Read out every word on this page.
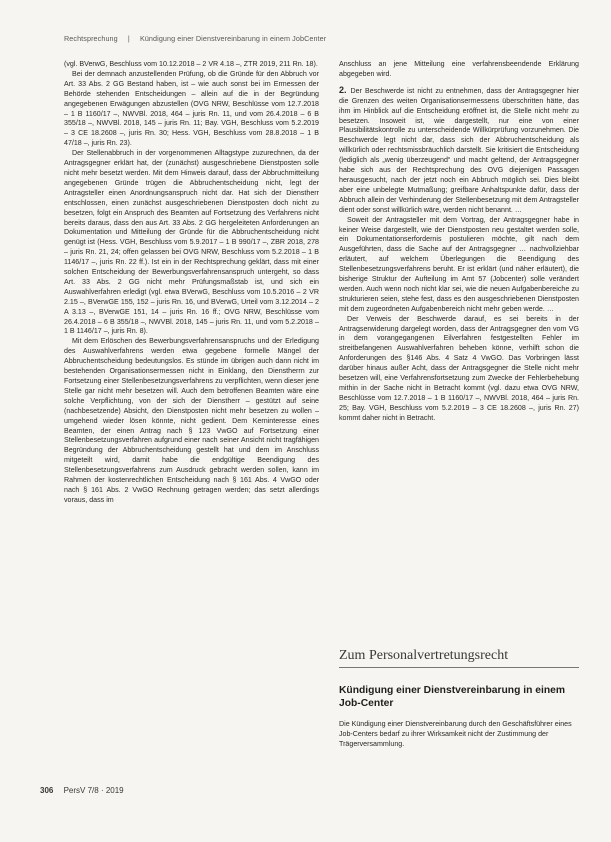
Rechtsprechung | Kündigung einer Dienstvereinbarung in einem JobCenter

(vgl. BVerwG, Beschluss vom 10.12.2018 – 2 VR 4.18 –, ZTR 2019, 211 Rn. 18).

Bei der demnach anzustellenden Prüfung, ob die Gründe für den Abbruch vor Art. 33 Abs. 2 GG Bestand haben, ist – wie auch sonst bei im Ermessen der Behörde stehenden Entscheidungen – allein auf die in der Begründung angegebenen Erwägungen abzustellen (OVG NRW, Beschlüsse vom 12.7.2018 – 1 B 1160/17 –, NWVBl. 2018, 464 – juris Rn. 11, und vom 26.4.2018 – 6 B 355/18 –, NWVBl. 2018, 145 – juris Rn. 11; Bay. VGH, Beschluss vom 5.2.2019 – 3 CE 18.2608 –, juris Rn. 30; Hess. VGH, Beschluss vom 28.8.2018 – 1 B 47/18 –, juris Rn. 23).

Der Stellenabbruch in der vorgenommenen Alltagstype zuzurechnen, da der Antragsgegner erklärt hat, der (zunächst) ausgeschriebene Dienstposten solle nicht mehr besetzt werden. Mit dem Hinweis darauf, dass der Abbruchmitteilung angegebenen Gründe trügen die Abbruchentscheidung nicht, legt der Antragsteller einen Anordnungsanspruch nicht dar. Hat sich der Dienstherr entschlossen, einen zunächst ausgeschriebenen Dienstposten doch nicht zu besetzen, folgt ein Anspruch des Beamten auf Fortsetzung des Verfahrens nicht bereits daraus, dass den aus Art. 33 Abs. 2 GG hergeleiteten Anforderungen an Dokumentation und Mitteilung der Gründe für die Abbruchentscheidung nicht genügt ist (Hess. VGH, Beschluss vom 5.9.2017 – 1 B 990/17 –, ZBR 2018, 278 – juris Rn. 21, 24; offen gelassen bei OVG NRW, Beschluss vom 5.2.2018 – 1 B 1146/17 –, juris Rn. 22 ff.). Ist ein in der Rechtsprechung geklärt, dass mit einer solchen Entscheidung der Bewerbungsverfahrensanspruch untergeht, so dass Art. 33 Abs. 2 GG nicht mehr Prüfungsmaßstab ist, und sich ein Auswahlverfahren erledigt (vgl. etwa BVerwG, Beschluss vom 10.5.2016 – 2 VR 2.15 –, BVerwGE 155, 152 – juris Rn. 16, und BVerwG, Urteil vom 3.12.2014 – 2 A 3.13 –, BVerwGE 151, 14 – juris Rn. 16 ff.; OVG NRW, Beschlüsse vom 26.4.2018 – 6 B 355/18 –, NWVBl. 2018, 145 – juris Rn. 11, und vom 5.2.2018 – 1 B 1146/17 –, juris Rn. 8).

Mit dem Erlöschen des Bewerbungsverfahrensanspruchs und der Erledigung des Auswahlverfahrens werden etwa gegebene formelle Mängel der Abbruchentscheidung bedeutungslos. Es stünde im übrigen auch dann nicht im bestehenden Organisationsermessen nicht in Einklang, den Dienstherrn zur Fortsetzung einer Stellenbesetzungsverfahrens zu verpflichten, wenn dieser jene Stelle gar nicht mehr besetzen will. Auch dem betroffenen Beamten wäre eine solche Verpflichtung, von der sich der Dienstherr – gestützt auf seine (nachbesetzende) Absicht, den Dienstposten nicht mehr besetzen zu wollen – umgehend wieder lösen könnte, nicht gedient. Dem Kerninteresse eines Beamten, der einen Antrag nach § 123 VwGO auf Fortsetzung einer Stellenbesetzungsverfahren aufgrund einer nach seiner Ansicht nicht tragfähigen Begründung der Abbruchentscheidung gestellt hat und dem im Anschluss mitgeteilt wird, damit habe die endgültige Beendigung des Stellenbesetzungsverfahrens zum Ausdruck gebracht werden sollen, kann im Rahmen der kostenrechtlichen Entscheidung nach § 161 Abs. 4 VwGO oder nach § 161 Abs. 2 VwGO Rechnung getragen werden; das setzt allerdings voraus, dass im

Anschluss an jene Mitteilung eine verfahrensbeendende Erklärung abgegeben wird.

2. Der Beschwerde ist nicht zu entnehmen, dass der Antragsgegner hier die Grenzen des weiten Organisationsermessens überschritten hätte, das ihm im Hinblick auf die Entscheidung eröffnet ist, die Stelle nicht mehr zu besetzen. Insoweit ist, wie dargestellt, nur eine von einer Plausibilitätskontrolle zu unterscheidende Willkürprüfung vorzunehmen. Die Beschwerde legt nicht dar, dass sich der Abbruchentscheidung als willkürlich oder rechtsmissbräuchlich darstellt. Sie kritisiert die Entscheidung (lediglich als „wenig überzeugend“ und macht geltend, der Antragsgegner habe sich aus der Rechtsprechung des OVG diejenigen Passagen herausgesucht, nach der jetzt noch ein Abbruch möglich sei. Dies bleibt aber eine unbelegte Mutmaßung; greifbare Anhaltspunkte dafür, dass der Abbruch allein der Verhinderung der Stellenbesetzung mit dem Antragsteller dient oder sonst willkürlich wäre, werden nicht benannt. …

Soweit der Antragsteller mit dem Vortrag, der Antragsgegner habe in keiner Weise dargestellt, wie der Dienstposten neu gestaltet werden solle, ein Dokumentationserfordernis postulieren möchte, gilt nach dem Ausgeführten, dass die Sache auf der Antragsgegner … nachvollziehbar erläutert, auf welchem Überlegungen die Beendigung des Stellenbesetzungsverfahrens beruht. Er ist erklärt (und näher erläutert), die bisherige Struktur der Aufteilung im Amt 57 (Jobcenter) solle verändert werden. Auch wenn noch nicht klar sei, wie die neuen Aufgabenbereiche zu strukturieren seien, stehe fest, dass es den ausgeschriebenen Dienstposten mit dem zugeordneten Aufgabenbereich nicht mehr geben werde. …

Der Verweis der Beschwerde darauf, es sei bereits in der Antragserwiderung dargelegt worden, dass der Antragsgegner den vom VG in dem vorangegangenen Eilverfahren festgestellten Fehler im streitbefangenen Auswahlverfahren beheben könne, verhilft schon die Anforderungen des §146 Abs. 4 Satz 4 VwGO. Das Vorbringen lässt darüber hinaus außer Acht, dass der Antragsgegner die Stelle nicht mehr besetzen will, eine Verfahrensfortsetzung zum Zwecke der Fehlerbehebung mithin in der Sache nicht in Betracht kommt (vgl. dazu etwa OVG NRW, Beschlüsse vom 12.7.2018 – 1 B 1160/17 –, NWVBl. 2018, 464 – juris Rn. 25; Bay. VGH, Beschluss vom 5.2.2019 – 3 CE 18.2608 –, juris Rn. 27) kommt daher nicht in Betracht.

Zum Personalvertretungsrecht
Kündigung einer Dienstvereinbarung in einem Job-Center
Die Kündigung einer Dienstvereinbarung durch den Geschäftsführer eines Job-Centers bedarf zu ihrer Wirksamkeit nicht der Zustimmung der Trägerversammlung.
306 PersV 7/8 · 2019
